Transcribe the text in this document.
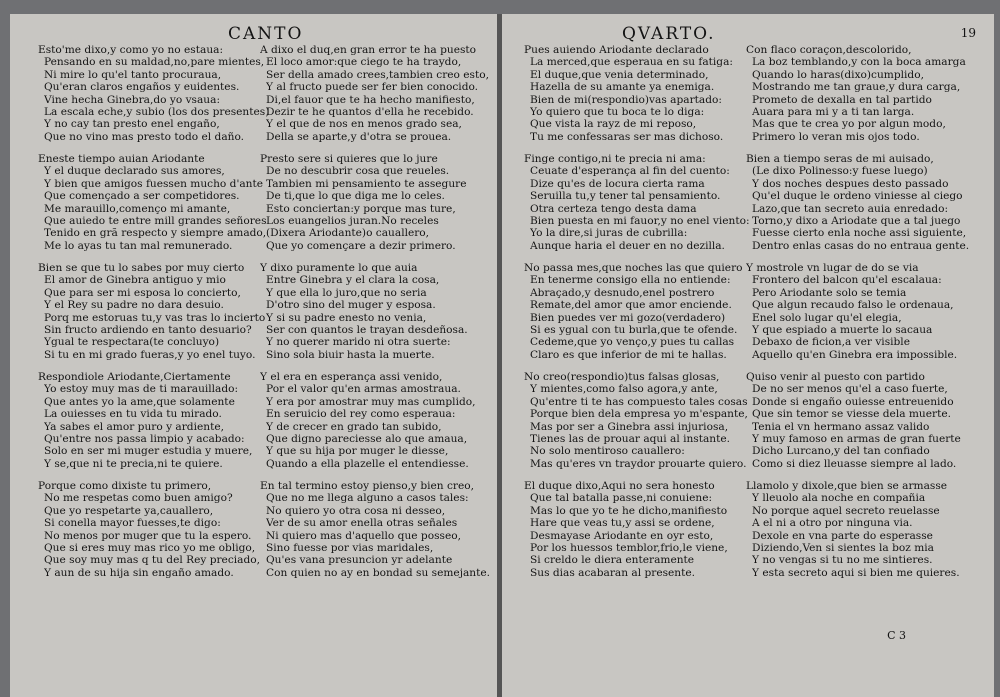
CANTO
Esto'me dixo,y como yo no estaua:
Pensando en su maldad,no,pare mientes,
Ni mire lo qu'el tanto procuraua,
Qu'eran claros engaños y euidentes.
Vine hecha Ginebra,do yo vsaua:
La escala eche,y subio (los dos presentes)
Y no cay tan presto enel engaño,
Que no vino mas presto todo el daño.
Eneste tiempo auian Ariodante
Y el duque declarado sus amores,
Y bien que amigos fuessen mucho d'ante
Que començado a ser competidores.
Me marauillo,començo mi amante,
Que auiedo te entre mill grandes señores
Tenido en grã respecto y siempre amado,
Me lo ayas tu tan mal remunerado.
Bien se que tu lo sabes por muy cierto
El amor de Ginebra antiguo y mio
Que para ser mi esposa lo concierto,
Y el Rey su padre no dara desuio.
Porq me estoruas tu,y vas tras lo incierto
Sin fructo ardiendo en tanto desuario?
Ygual te respectara(te concluyo)
Si tu en mi grado fueras,y yo enel tuyo.
Respondiole Ariodante,Ciertamente
Yo estoy muy mas de ti marauillado:
Que antes yo la ame,que solamente
La ouiesses en tu vida tu mirado.
Ya sabes el amor puro y ardiente,
Qu'entre nos passa limpio y acabado:
Solo en ser mi muger estudia y muere,
Y se,que ni te precia,ni te quiere.
Porque como dixiste tu primero,
No me respetas como buen amigo?
Que yo respetarte ya,cauallero,
Si conella mayor fuesses,te digo:
No menos por muger que tu la espero.
Que si eres muy mas rico yo me obligo,
Que soy muy mas q tu del Rey preciado,
Y aun de su hija sin engaño amado.
A dixo el duq,en gran error te ha puesto
El loco amor:que ciego te ha traydo,
Ser della amado crees,tambien creo esto,
Y al fructo puede ser fer bien conocido.
Di,el fauor que te ha hecho manifiesto,
Dezir te he quantos d'ella he recebido.
Y el que de nos en menos grado sea,
Della se aparte,y d'otra se prouea.
Presto sere si quieres que lo jure
De no descubrir cosa que reueles.
Tambien mi pensamiento te assegure
De ti,que lo que diga me lo celes.
Esto conciertan:y porque mas ture,
Los euangelios juran.No receles
(Dixera Ariodante)o cauallero,
Que yo començare a dezir primero.
Y dixo puramente lo que auia
Entre Ginebra y el clara la cosa,
Y que ella lo juro,que no seria
D'otro sino del muger y esposa.
Y si su padre enesto no venia,
Ser con quantos le trayan desdeñosa.
Y no querer marido ni otra suerte:
Sino sola biuir hasta la muerte.
Y el era en esperança assi venido,
Por el valor qu'en armas amostraua.
Y era por amostrar muy mas cumplido,
En seruicio del rey como esperaua:
Y de crecer en grado tan subido,
Que digno pareciesse alo que amaua,
Y que su hija por muger le diesse,
Quando a ella plazelle el entendiesse.
En tal termino estoy pienso,y bien creo,
Que no me llega alguno a casos tales:
No quiero yo otra cosa ni desseo,
Ver de su amor enella otras señales
Ni quiero mas d'aquello que posseo,
Sino fuesse por vias maridales,
Qu'es vana presuncion yr adelante
Con quien no ay en bondad su semejante.
QVARTO.	19
Pues auiendo Ariodante declarado
La merced,que esperaua en su fatiga:
El duque,que venia determinado,
Hazella de su amante ya enemiga.
Bien de mi(respondio)vas apartado:
Yo quiero que tu boca te lo diga:
Que vista la rayz de mi reposo,
Tu me confessaras ser mas dichoso.
Finge contigo,ni te precia ni ama:
Ceuate d'esperança al fin del cuento:
Dize qu'es de locura cierta rama
Seruilla tu,y tener tal pensamiento.
Otra certeza tengo desta dama
Bien puesta en mi fauor,y no enel viento:
Yo la dire,si juras de cubrilla:
Aunque haria el deuer en no dezilla.
No passa mes,que noches las que quiero
En tenerme consigo ella no entiende:
Abraçado,y desnudo,enel postrero
Remate,del amor que amor enciende.
Bien puedes ver mi gozo(verdadero)
Si es ygual con tu burla,que te ofende.
Cedeme,que yo venço,y pues tu callas
Claro es que inferior de mi te hallas.
No creo(respondio)tus falsas glosas,
Y mientes,como falso agora,y ante,
Qu'entre ti te has compuesto tales cosas
Porque bien dela empresa yo m'espante,
Mas por ser a Ginebra assi injuriosa,
Tienes las de prouar aqui al instante.
No solo mentiroso cauallero:
Mas qu'eres vn traydor prouarte quiero.
El duque dixo,Aqui no sera honesto
Que tal batalla passe,ni conuiene:
Mas lo que yo te he dicho,manifiesto
Hare que veas tu,y assi se ordene,
Desmayase Ariodante en oyr esto,
Por los huessos temblor,frio,le viene,
Si creldo le diera enteramente
Sus dias acabaran al presente.
Con flaco coraçon,descolorido,
La boz temblando,y con la boca amarga
Quando lo haras(dixo)cumplido,
Mostrando me tan graue,y dura carga,
Prometo de dexalla en tal partido
Auara para mi y a ti tan larga.
Mas que te crea yo por algun modo,
Primero lo veran mis ojos todo.
Bien a tiempo seras de mi auisado,
(Le dixo Polinesso:y fuese luego)
Y dos noches despues desto passado
Qu'el duque le ordeno viniesse al ciego
Lazo,que tan secreto auia enredado:
Torno,y dixo a Ariodate que a tal juego
Fuesse cierto enla noche assi siguiente,
Dentro enlas casas do no entraua gente.
Y mostrole vn lugar de do se via
Frontero del balcon qu'el escalaua:
Pero Ariodante solo se temia
Que algun recaudo falso le ordenaua,
Enel solo lugar qu'el elegia,
Y que espiado a muerte lo sacaua
Debaxo de ficion,a ver visible
Aquello qu'en Ginebra era impossible.
Quiso venir al puesto con partido
De no ser menos qu'el a caso fuerte,
Donde si engaño ouiesse entreuenido
Que sin temor se viesse dela muerte.
Tenia el vn hermano assaz valido
Y muy famoso en armas de gran fuerte
Dicho Lurcano,y del tan confiado
Como si diez lleuasse siempre al lado.
Llamolo y dixole,que bien se armasse
Y lleuolo ala noche en compañia
No porque aquel secreto reuelasse
A el ni a otro por ninguna via.
Dexole en vna parte do esperasse
Diziendo,Ven si sientes la boz mia
Y no vengas si tu no me sintieres.
Y esta secreto aqui si bien me quieres.
C 3
